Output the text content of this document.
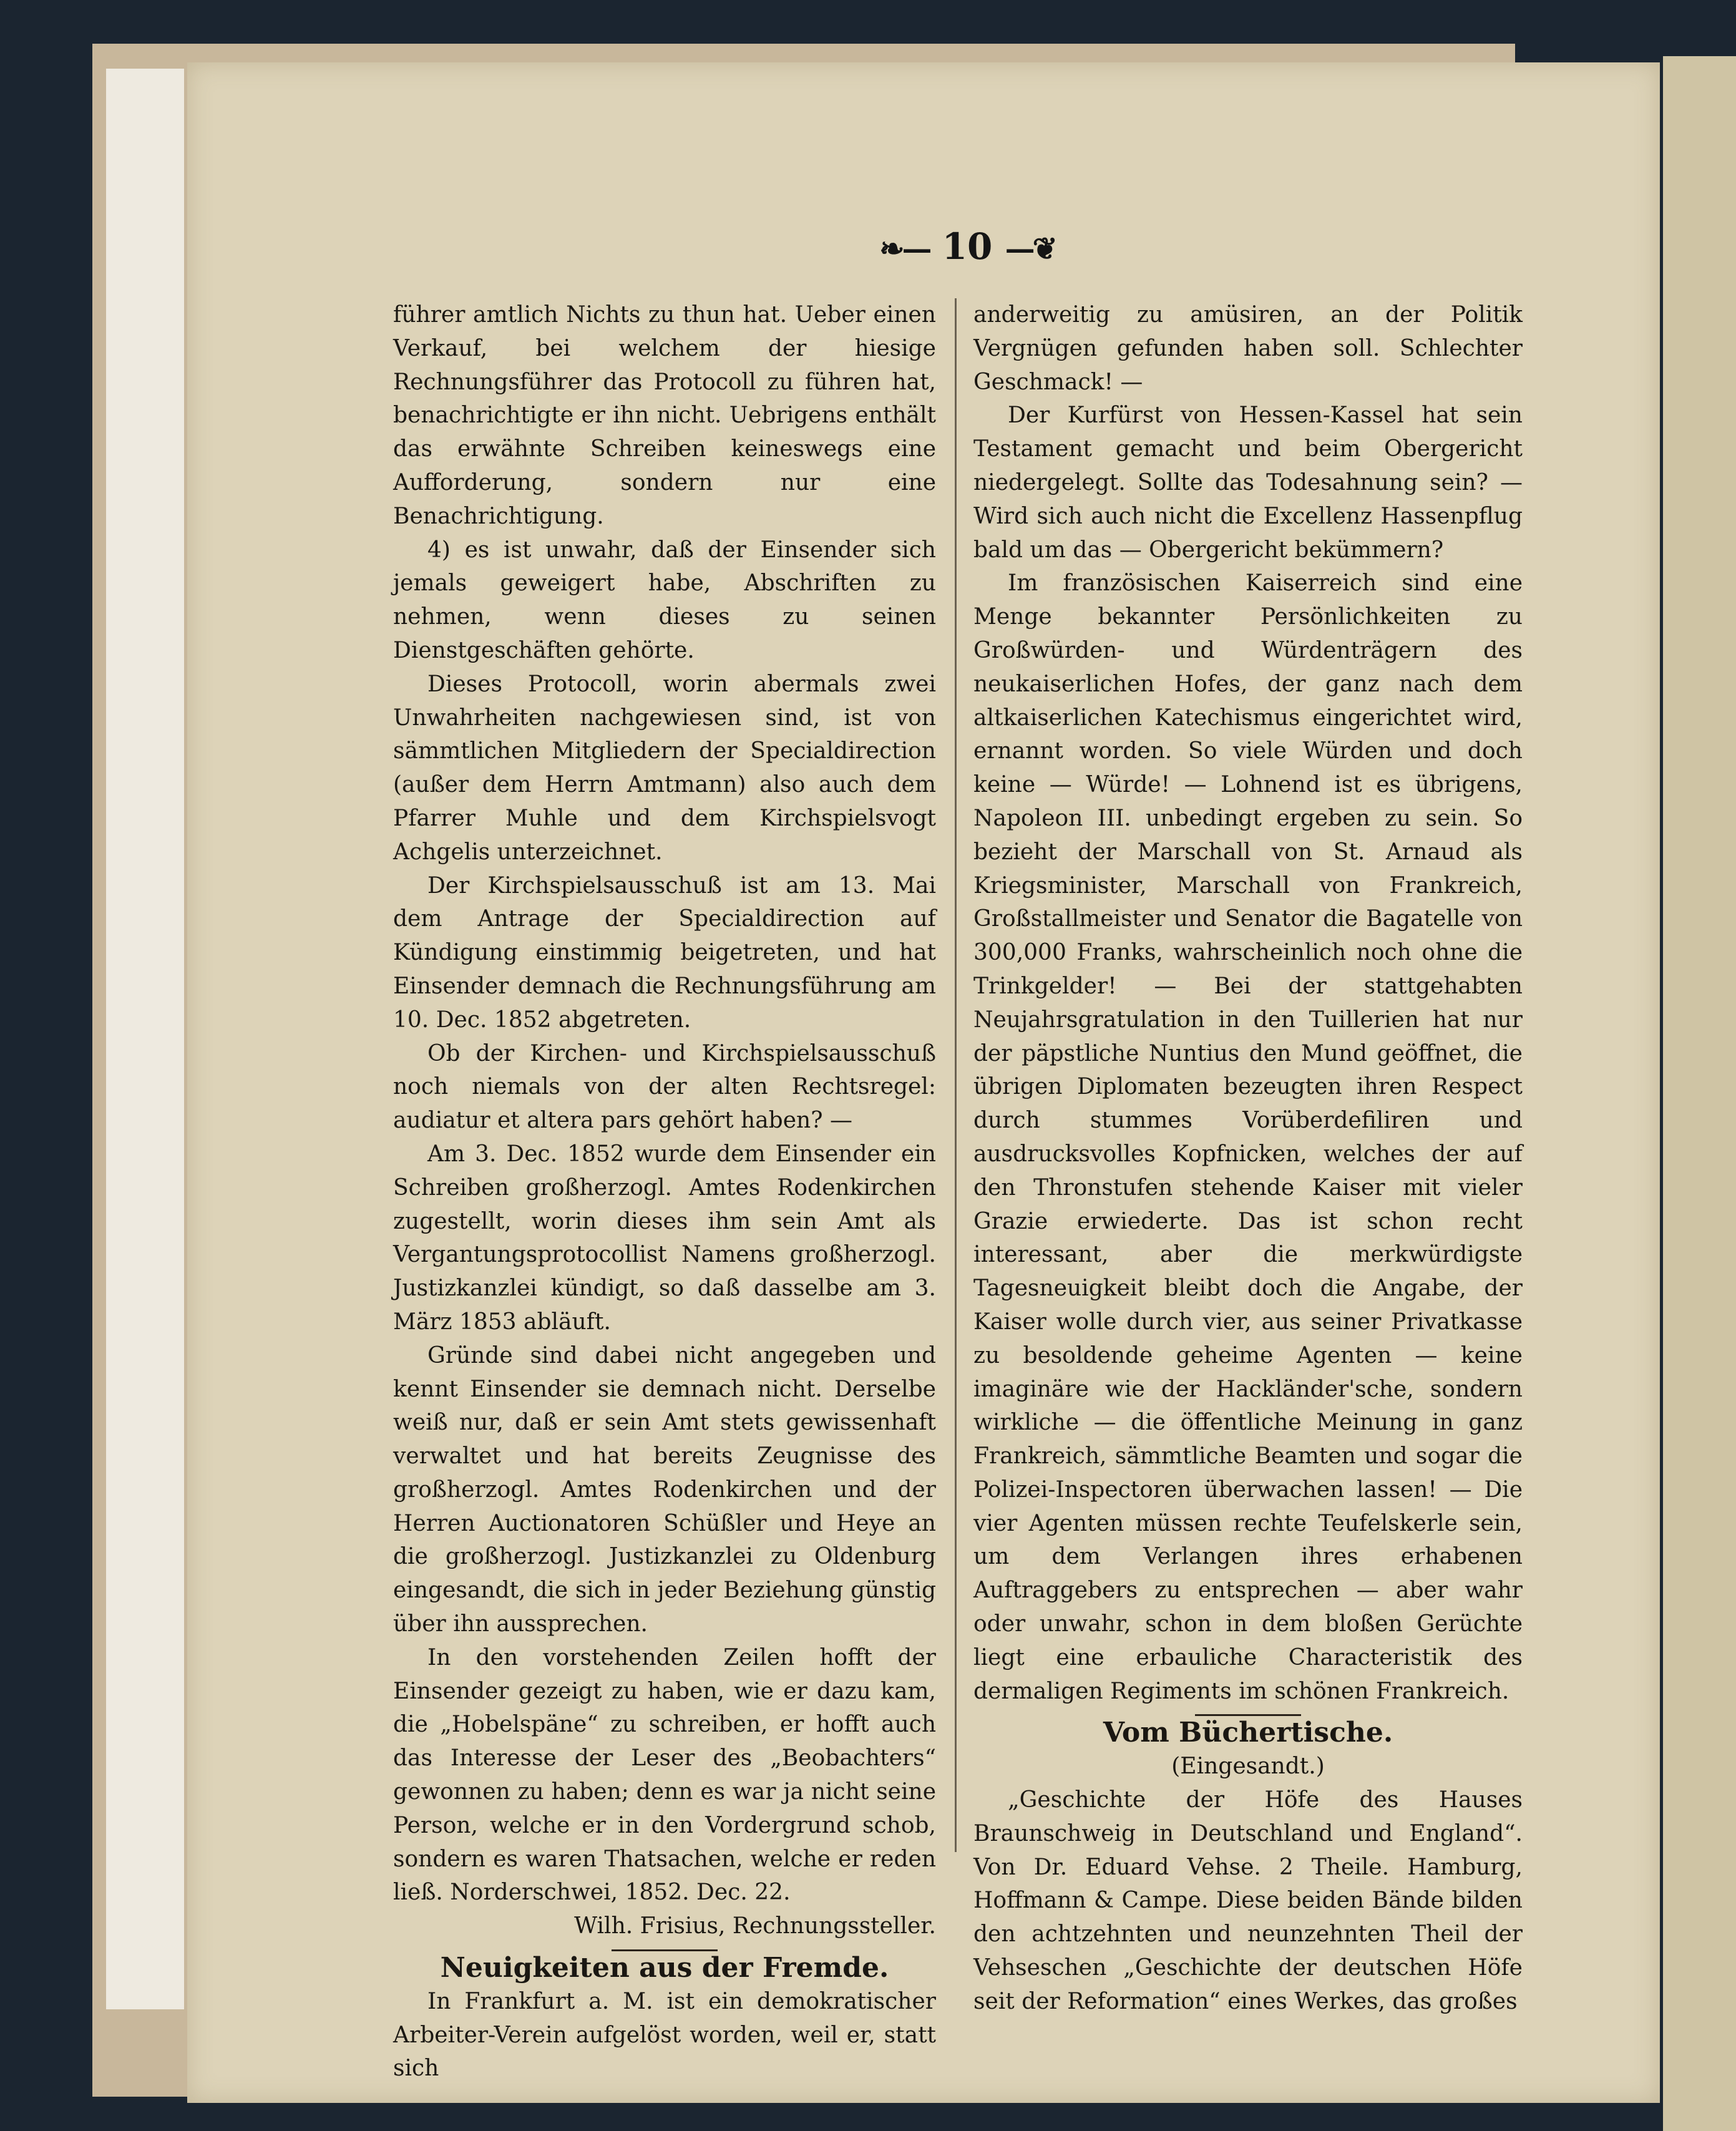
❧— 10 —❦

führer amtlich Nichts zu thun hat. Ueber einen Verkauf, bei welchem der hiesige Rechnungsführer das Protocoll zu führen hat, benachrichtigte er ihn nicht. Uebrigens enthält das erwähnte Schreiben keineswegs eine Aufforderung, sondern nur eine Benachrichtigung.

4) es ist unwahr, daß der Einsender sich jemals geweigert habe, Abschriften zu nehmen, wenn dieses zu seinen Dienstgeschäften gehörte.

Dieses Protocoll, worin abermals zwei Unwahrheiten nachgewiesen sind, ist von sämmtlichen Mitgliedern der Specialdirection (außer dem Herrn Amtmann) also auch dem Pfarrer Muhle und dem Kirchspielsvogt Achgelis unterzeichnet.

Der Kirchspielsausschuß ist am 13. Mai dem Antrage der Specialdirection auf Kündigung einstimmig beigetreten, und hat Einsender demnach die Rechnungsführung am 10. Dec. 1852 abgetreten.

Ob der Kirchen- und Kirchspielsausschuß noch niemals von der alten Rechtsregel: audiatur et altera pars gehört haben? —

Am 3. Dec. 1852 wurde dem Einsender ein Schreiben großherzogl. Amtes Rodenkirchen zugestellt, worin dieses ihm sein Amt als Vergantungsprotocollist Namens großherzogl. Justizkanzlei kündigt, so daß dasselbe am 3. März 1853 abläuft.

Gründe sind dabei nicht angegeben und kennt Einsender sie demnach nicht. Derselbe weiß nur, daß er sein Amt stets gewissenhaft verwaltet und hat bereits Zeugnisse des großherzogl. Amtes Rodenkirchen und der Herren Auctionatoren Schüßler und Heye an die großherzogl. Justizkanzlei zu Oldenburg eingesandt, die sich in jeder Beziehung günstig über ihn aussprechen.

In den vorstehenden Zeilen hofft der Einsender gezeigt zu haben, wie er dazu kam, die „Hobelspäne“ zu schreiben, er hofft auch das Interesse der Leser des „Beobachters“ gewonnen zu haben; denn es war ja nicht seine Person, welche er in den Vordergrund schob, sondern es waren Thatsachen, welche er reden ließ. Norderschwei, 1852. Dec. 22.

Wilh. Frisius, Rechnungssteller.

Neuigkeiten aus der Fremde.

In Frankfurt a. M. ist ein demokratischer Arbeiter-Verein aufgelöst worden, weil er, statt sich

anderweitig zu amüsiren, an der Politik Vergnügen gefunden haben soll. Schlechter Geschmack! —

Der Kurfürst von Hessen-Kassel hat sein Testament gemacht und beim Obergericht niedergelegt. Sollte das Todesahnung sein? — Wird sich auch nicht die Excellenz Hassenpflug bald um das — Obergericht bekümmern?

Im französischen Kaiserreich sind eine Menge bekannter Persönlichkeiten zu Großwürden- und Würdenträgern des neukaiserlichen Hofes, der ganz nach dem altkaiserlichen Katechismus eingerichtet wird, ernannt worden. So viele Würden und doch keine — Würde! — Lohnend ist es übrigens, Napoleon III. unbedingt ergeben zu sein. So bezieht der Marschall von St. Arnaud als Kriegsminister, Marschall von Frankreich, Großstallmeister und Senator die Bagatelle von 300,000 Franks, wahrscheinlich noch ohne die Trinkgelder! — Bei der stattgehabten Neujahrsgratulation in den Tuillerien hat nur der päpstliche Nuntius den Mund geöffnet, die übrigen Diplomaten bezeugten ihren Respect durch stummes Vorüberdefiliren und ausdrucksvolles Kopfnicken, welches der auf den Thronstufen stehende Kaiser mit vieler Grazie erwiederte. Das ist schon recht interessant, aber die merkwürdigste Tagesneuigkeit bleibt doch die Angabe, der Kaiser wolle durch vier, aus seiner Privatkasse zu besoldende geheime Agenten — keine imaginäre wie der Hackländer'sche, sondern wirkliche — die öffentliche Meinung in ganz Frankreich, sämmtliche Beamten und sogar die Polizei-Inspectoren überwachen lassen! — Die vier Agenten müssen rechte Teufelskerle sein, um dem Verlangen ihres erhabenen Auftraggebers zu entsprechen — aber wahr oder unwahr, schon in dem bloßen Gerüchte liegt eine erbauliche Characteristik des dermaligen Regiments im schönen Frankreich.

Vom Büchertische.

(Eingesandt.)

„Geschichte der Höfe des Hauses Braunschweig in Deutschland und England“. Von Dr. Eduard Vehse. 2 Theile. Hamburg, Hoffmann & Campe. Diese beiden Bände bilden den achtzehnten und neunzehnten Theil der Vehseschen „Geschichte der deutschen Höfe seit der Reformation“ eines Werkes, das großes
